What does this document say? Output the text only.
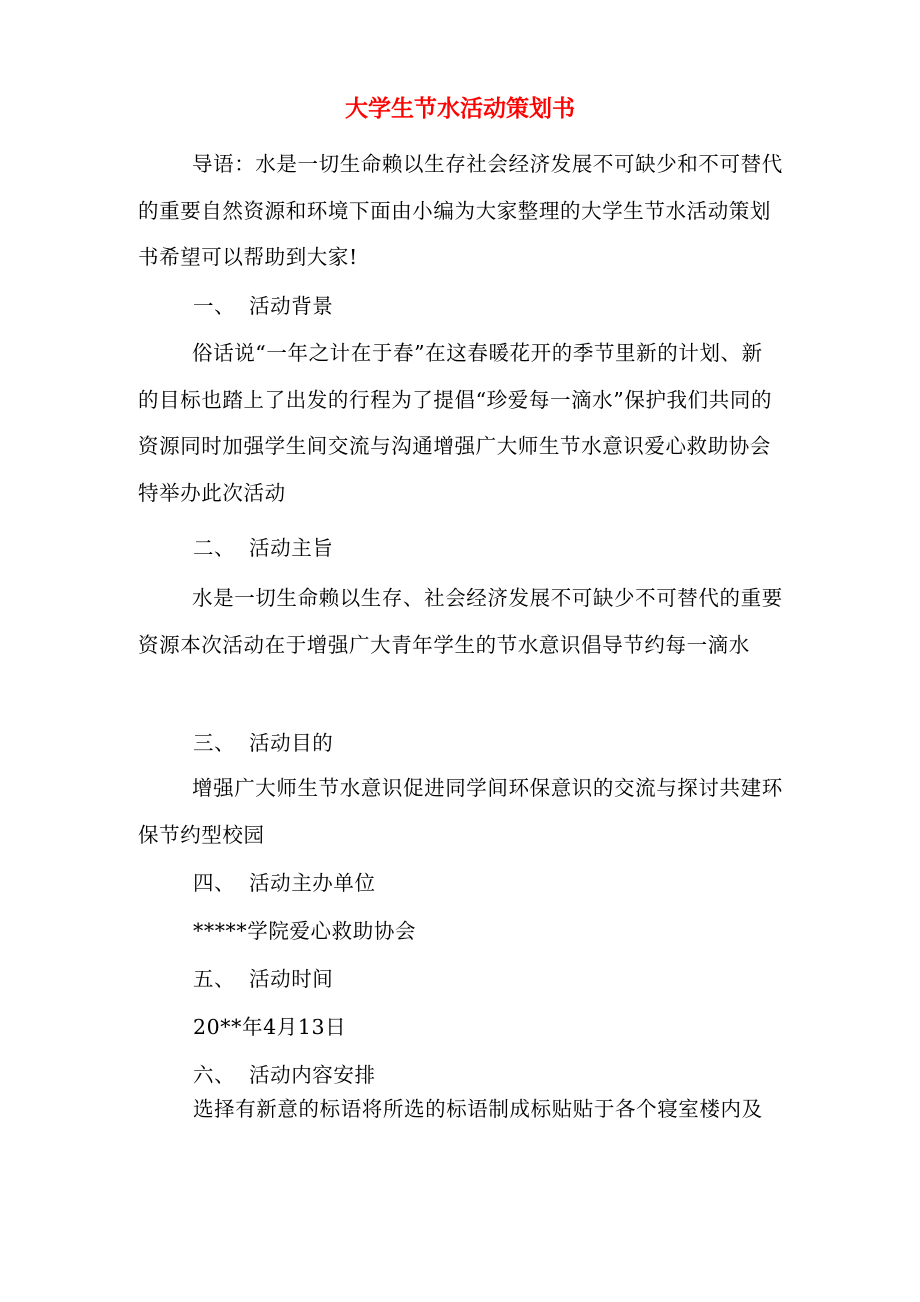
大学生节水活动策划书
导语：水是一切生命赖以生存社会经济发展不可缺少和不可替代的重要自然资源和环境下面由小编为大家整理的大学生节水活动策划书希望可以帮助到大家!
一、 活动背景
俗话说“一年之计在于春”在这春暖花开的季节里新的计划、新的目标也踏上了出发的行程为了提倡“珍爱每一滴水”保护我们共同的资源同时加强学生间交流与沟通增强广大师生节水意识爱心救助协会特举办此次活动
二、 活动主旨
水是一切生命赖以生存、社会经济发展不可缺少不可替代的重要资源本次活动在于增强广大青年学生的节水意识倡导节约每一滴水
三、 活动目的
增强广大师生节水意识促进同学间环保意识的交流与探讨共建环保节约型校园
四、 活动主办单位
*****学院爱心救助协会
五、 活动时间
20**年4月13日
六、 活动内容安排
选择有新意的标语将所选的标语制成标贴贴于各个寝室楼内及
